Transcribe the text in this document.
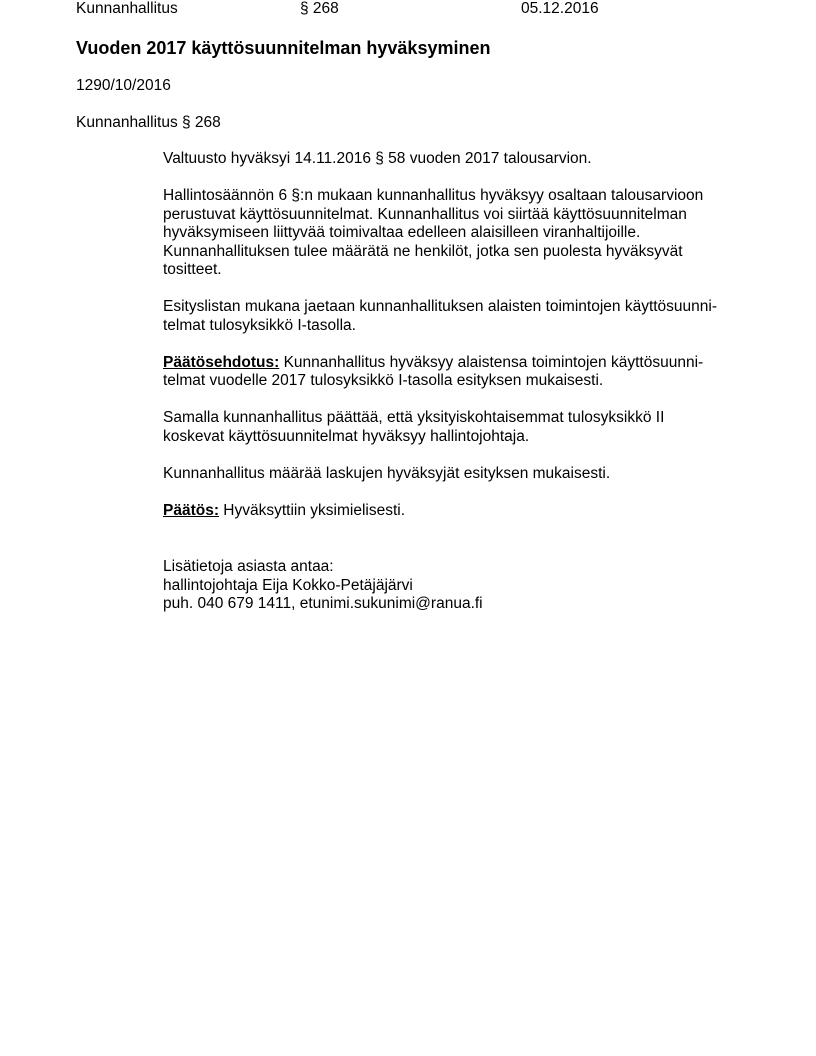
Kunnanhallitus	§ 268	05.12.2016
Vuoden 2017 käyttösuunnitelman hyväksyminen
1290/10/2016
Kunnanhallitus § 268

Valtuusto hyväksyi 14.11.2016 § 58 vuoden 2017 talousarvion.

Hallintosäännön 6 §:n mukaan kunnanhallitus hyväksyy osaltaan talousarvioon
perustuvat käyttösuunnitelmat. Kunnanhallitus voi siirtää käyttösuunnitelman
hyväksymiseen liittyvää toimivaltaa edelleen alaisilleen viranhaltijoille.
Kunnanhallituksen tulee määrätä ne henkilöt, jotka sen puolesta hyväksyvät
tositteet.

Esityslistan mukana jaetaan kunnanhallituksen alaisten toimintojen käyttösuunni-
telmat tulosyksikkö I-tasolla.

Päätösehdotus: Kunnanhallitus hyväksyy alaistensa toimintojen käyttösuunni-
telmat vuodelle 2017 tulosyksikkö I-tasolla esityksen mukaisesti.

Samalla kunnanhallitus päättää, että yksityiskohtaisemmat tulosyksikkö II
koskevat käyttösuunnitelmat hyväksyy hallintojohtaja.

Kunnanhallitus määrää laskujen hyväksyjät esityksen mukaisesti.

Päätös: Hyväksyttiin yksimielisesti.

Lisätietoja asiasta antaa:
hallintojohtaja Eija Kokko-Petäjäjärvi
puh. 040 679 1411, etunimi.sukunimi@ranua.fi
